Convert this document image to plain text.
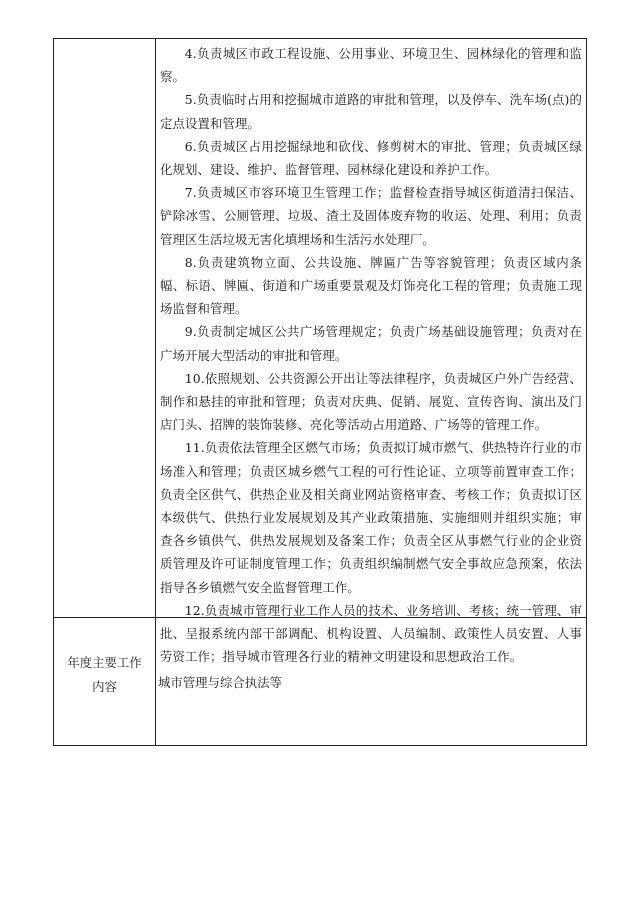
4.负责城区市政工程设施、公用事业、环境卫生、园林绿化的管理和监察。

5.负责临时占用和挖掘城市道路的审批和管理，以及停车、洗车场(点)的定点设置和管理。

6.负责城区占用挖掘绿地和砍伐、修剪树木的审批、管理；负责城区绿化规划、建设、维护、监督管理、园林绿化建设和养护工作。

7.负责城区市容环境卫生管理工作；监督检查指导城区街道清扫保洁、铲除冰雪、公厕管理、垃圾、渣土及固体废弃物的收运、处理、利用；负责管理区生活垃圾无害化填埋场和生活污水处理厂。

8.负责建筑物立面、公共设施、牌匾广告等容貌管理；负责区域内条幅、标语、牌匾、街道和广场重要景观及灯饰亮化工程的管理；负责施工现场监督和管理。

9.负责制定城区公共广场管理规定；负责广场基础设施管理；负责对在广场开展大型活动的审批和管理。

10.依照规划、公共资源公开出让等法律程序，负责城区户外广告经营、制作和悬挂的审批和管理；负责对庆典、促销、展览、宣传咨询、演出及门店门头、招牌的装饰装修、亮化等活动占用道路、广场等的管理工作。

11.负责依法管理全区燃气市场；负责拟订城市燃气、供热特许行业的市场准入和管理；负责区城乡燃气工程的可行性论证、立项等前置审查工作；负责全区供气、供热企业及相关商业网站资格审查、考核工作；负责拟订区本级供气、供热行业发展规划及其产业政策措施、实施细则并组织实施；审查各乡镇供气、供热发展规划及备案工作；负责全区从事燃气行业的企业资质管理及许可证制度管理工作；负责组织编制燃气安全事故应急预案，依法指导各乡镇燃气安全监督管理工作。

12.负责城市管理行业工作人员的技术、业务培训、考核；统一管理、审批、呈报系统内部干部调配、机构设置、人员编制、政策性人员安置、人事劳资工作；指导城市管理各行业的精神文明建设和思想政治工作。

年度主要工作内容	城市管理与综合执法等
